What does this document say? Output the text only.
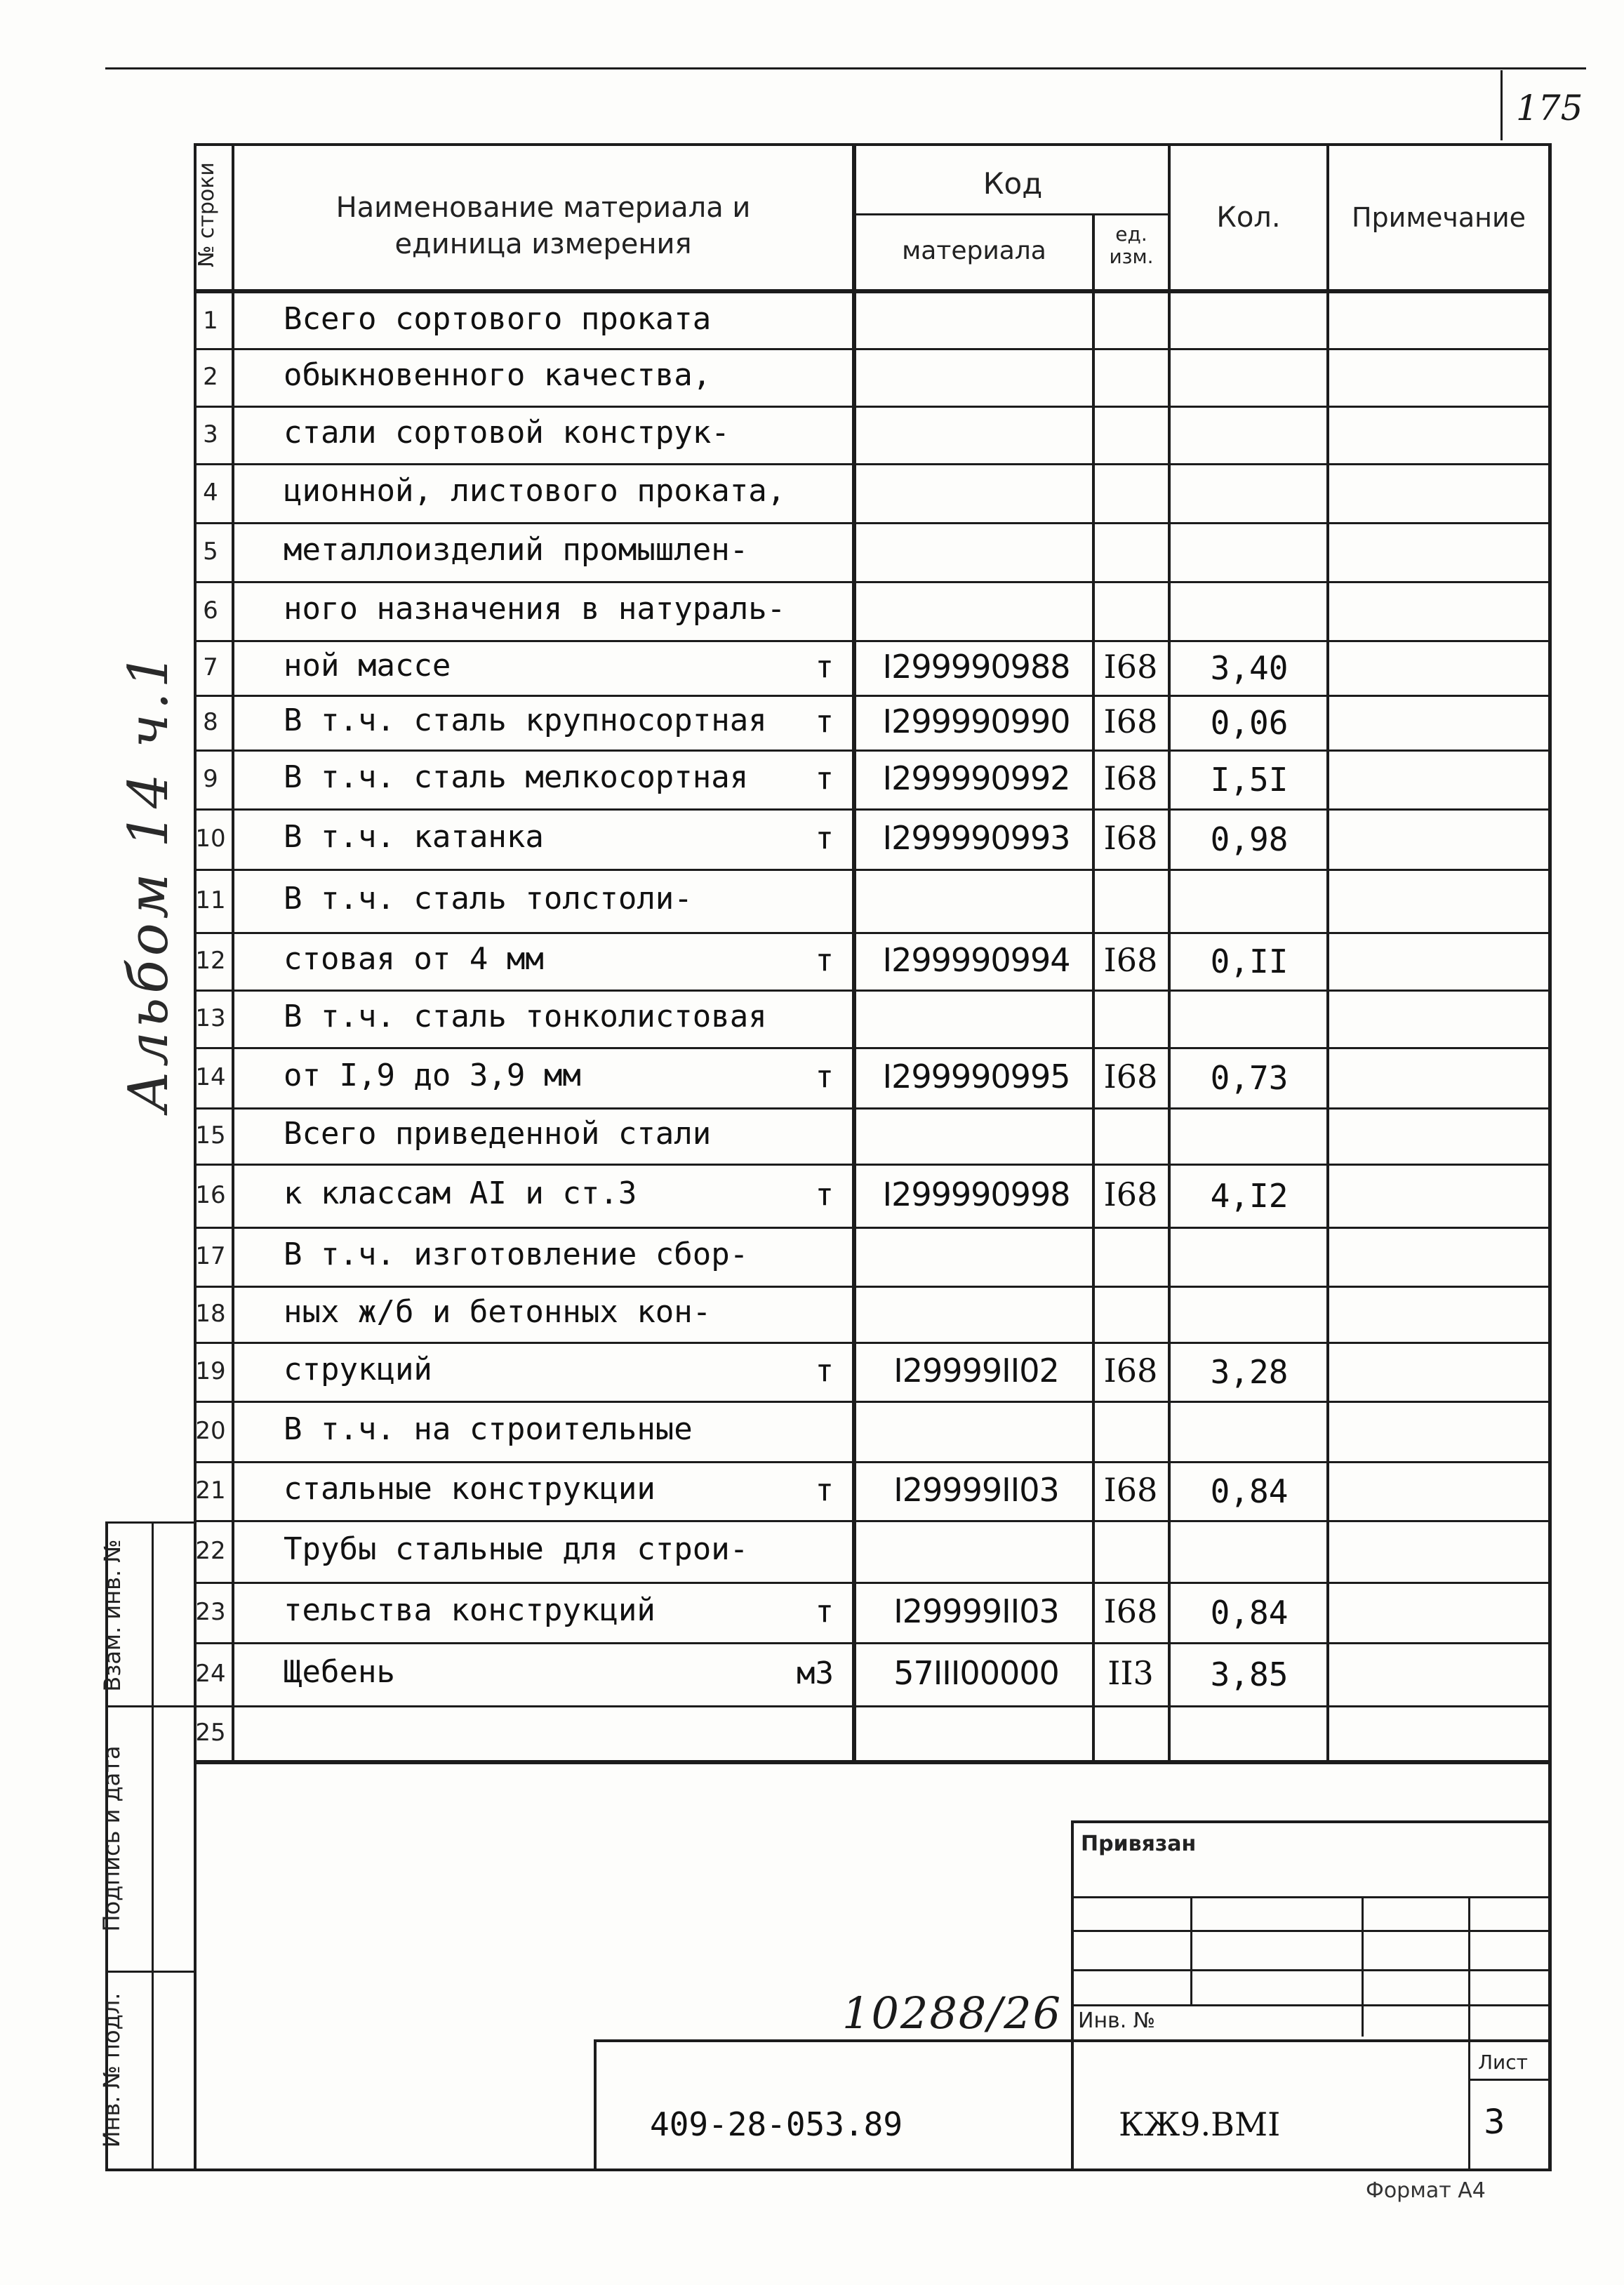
175
№ строки	Наименование материала и
единица измерения
Код
материала
ед.
изм.
Кол.	Примечание
1 Всего сортового проката
2 обыкновенного качества,
3 стали сортовой конструк-
4 ционной, листового проката,
5 металлоизделий промышлен-
6 ного назначения в натураль-
7 ной массе	т	I299990988	I68	3,40
8 В т.ч. сталь крупносортная	т	I299990990	I68	0,06
9 В т.ч. сталь мелкосортная	т	I299990992	I68	I,5I
10 В т.ч. катанка	т	I299990993	I68	0,98
11 В т.ч. сталь толстоли-
12 стовая от 4 мм	т	I299990994	I68	0,II
13 В т.ч. сталь тонколистовая
14 от I,9 до 3,9 мм	т	I299990995	I68	0,73
15 Всего приведенной стали
16 к классам АI и ст.3	т	I299990998	I68	4,I2
17 В т.ч. изготовление сбор-
18 ных ж/б и бетонных кон-
19 струкций	т	I29999II02	I68	3,28
20 В т.ч. на строительные
21 стальные конструкции	т	I29999II03	I68	0,84
22 Трубы стальные для строи-
23 тельства конструкций	т	I29999II03	I68	0,84
24 Щебень	м3	57III00000	II3	3,85
25
Взам. инв. №
Подпись и дата
Инв. № подл.
Альбом 14 ч.1
Привязан
Инв. №
10288/26
Лист
3
409-28-053.89	КЖ9.ВМI
Формат А4
